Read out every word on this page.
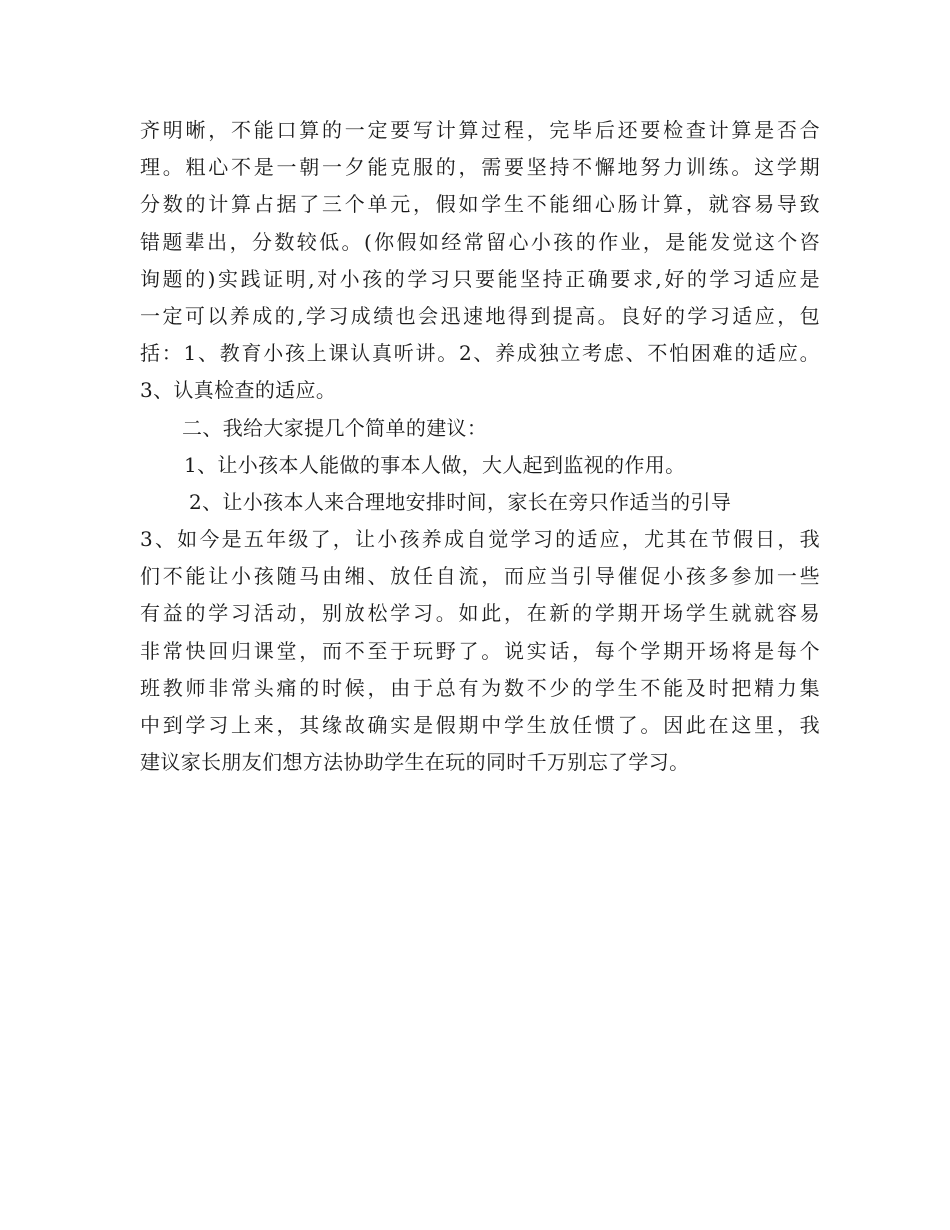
齐明晰，不能口算的一定要写计算过程，完毕后还要检查计算是否合
理。粗心不是一朝一夕能克服的，需要坚持不懈地努力训练。这学期
分数的计算占据了三个单元，假如学生不能细心肠计算，就容易导致
错题辈出，分数较低。(你假如经常留心小孩的作业，是能发觉这个咨
询题的)实践证明,对小孩的学习只要能坚持正确要求,好的学习适应是
一定可以养成的,学习成绩也会迅速地得到提高。良好的学习适应，包
括：1、教育小孩上课认真听讲。2、养成独立考虑、不怕困难的适应。
3、认真检查的适应。
二、我给大家提几个简单的建议：
1、让小孩本人能做的事本人做，大人起到监视的作用。
2、让小孩本人来合理地安排时间，家长在旁只作适当的引导
3、如今是五年级了，让小孩养成自觉学习的适应，尤其在节假日，我
们不能让小孩随马由缃、放任自流，而应当引导催促小孩多参加一些
有益的学习活动，别放松学习。如此，在新的学期开场学生就就容易
非常快回归课堂，而不至于玩野了。说实话，每个学期开场将是每个
班教师非常头痛的时候，由于总有为数不少的学生不能及时把精力集
中到学习上来，其缘故确实是假期中学生放任惯了。因此在这里，我
建议家长朋友们想方法协助学生在玩的同时千万别忘了学习。
